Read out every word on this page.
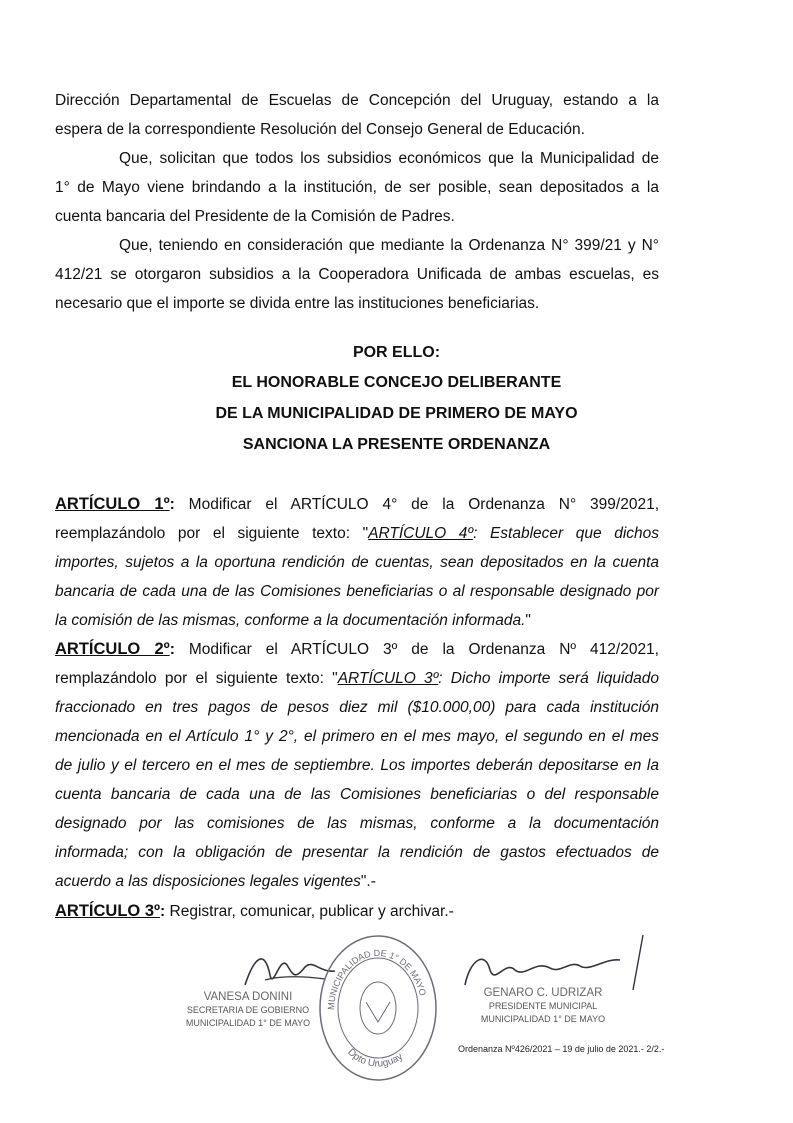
Dirección Departamental de Escuelas de Concepción del Uruguay, estando a la
espera de la correspondiente Resolución del Consejo General de Educación.
Que, solicitan que todos los subsidios económicos que la Municipalidad de
1° de Mayo viene brindando a la institución, de ser posible, sean depositados a la
cuenta bancaria del Presidente de la Comisión de Padres.
Que, teniendo en consideración que mediante la Ordenanza N° 399/21 y N°
412/21 se otorgaron subsidios a la Cooperadora Unificada de ambas escuelas, es
necesario que el importe se divida entre las instituciones beneficiarias.
POR ELLO:
EL HONORABLE CONCEJO DELIBERANTE
DE LA MUNICIPALIDAD DE PRIMERO DE MAYO
SANCIONA LA PRESENTE ORDENANZA
ARTÍCULO 1º: Modificar el ARTÍCULO 4° de la Ordenanza N° 399/2021,
reemplazándolo por el siguiente texto: "ARTÍCULO 4º: Establecer que dichos
importes, sujetos a la oportuna rendición de cuentas, sean depositados en la cuenta
bancaria de cada una de las Comisiones beneficiarias o al responsable designado por
la comisión de las mismas, conforme a la documentación informada."
ARTÍCULO 2º: Modificar el ARTÍCULO 3º de la Ordenanza Nº 412/2021,
remplazándolo por el siguiente texto: "ARTÍCULO 3º: Dicho importe será liquidado
fraccionado en tres pagos de pesos diez mil ($10.000,00) para cada institución
mencionada en el Artículo 1° y 2°, el primero en el mes mayo, el segundo en el mes
de julio y el tercero en el mes de septiembre. Los importes deberán depositarse en la
cuenta bancaria de cada una de las Comisiones beneficiarias o del responsable
designado por las comisiones de las mismas, conforme a la documentación
informada; con la obligación de presentar la rendición de gastos efectuados de
acuerdo a las disposiciones legales vigentes".-
ARTÍCULO 3º: Registrar, comunicar, publicar y archivar.-
VANESA DONINI
SECRETARIA DE GOBIERNO
MUNICIPALIDAD 1° DE MAYO
MUNICIPALIDAD DE 1° DE MAYO
Dpto Uruguay
GENARO C. UDRIZAR
PRESIDENTE MUNICIPAL
MUNICIPALIDAD 1° DE MAYO
Ordenanza Nº426/2021 – 19 de julio de 2021.- 2/2.-
